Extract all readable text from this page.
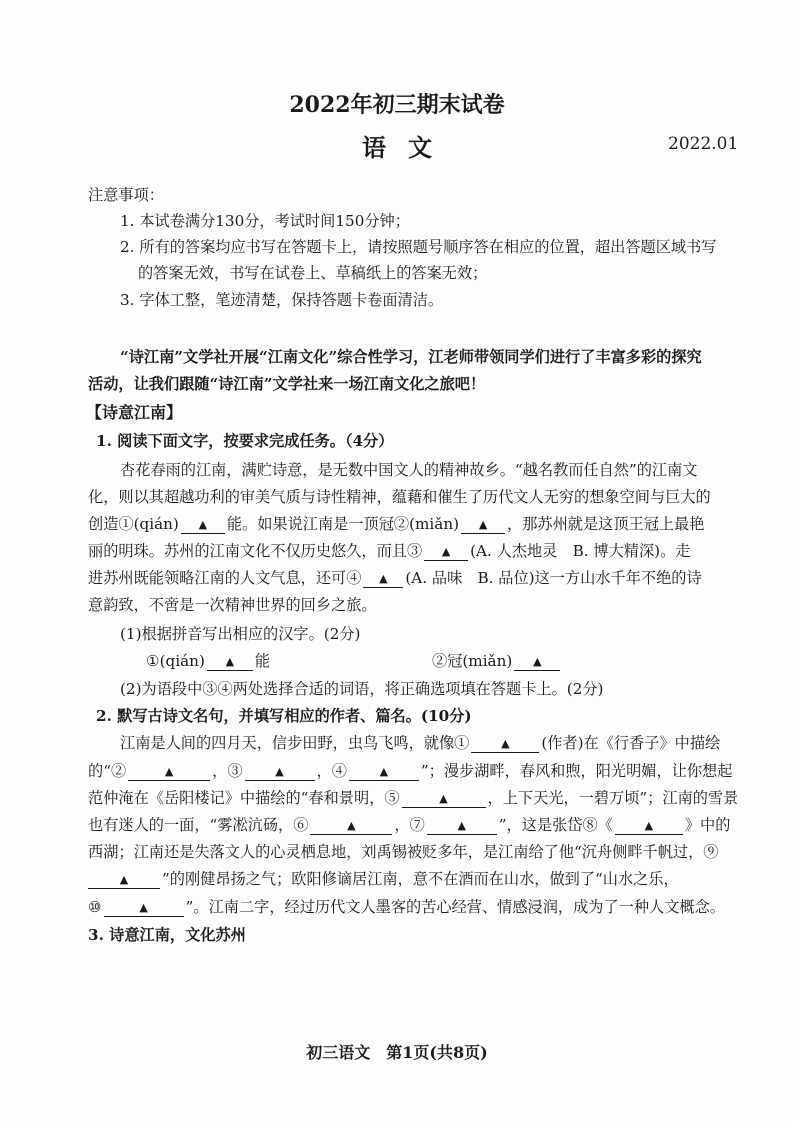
2022年初三期末试卷
语文	2022.01
注意事项：
1. 本试卷满分130分，考试时间150分钟；
2. 所有的答案均应书写在答题卡上，请按照题号顺序答在相应的位置，超出答题区域书写
的答案无效，书写在试卷上、草稿纸上的答案无效；
3. 字体工整，笔迹清楚，保持答题卡卷面清洁。
“诗江南”文学社开展“江南文化”综合性学习，江老师带领同学们进行了丰富多彩的探究
活动，让我们跟随“诗江南”文学社来一场江南文化之旅吧！
【诗意江南】
1. 阅读下面文字，按要求完成任务。（4分）
杏花春雨的江南，满贮诗意，是无数中国文人的精神故乡。“越名教而任自然”的江南文
化，则以其超越功利的审美气质与诗性精神，蕴藉和催生了历代文人无穷的想象空间与巨大的
创造①(qián) ▲ 能。如果说江南是一顶冠②(miǎn) ▲ ，那苏州就是这顶王冠上最艳
丽的明珠。苏州的江南文化不仅历史悠久，而且③ ▲ (A. 人杰地灵　B. 博大精深)。走
进苏州既能领略江南的人文气息，还可④ ▲ (A. 品味　B. 品位)这一方山水千年不绝的诗
意韵致，不啻是一次精神世界的回乡之旅。
(1)根据拼音写出相应的汉字。(2分)
①(qián) ▲ 能	②冠(miǎn) ▲
(2)为语段中③④两处选择合适的词语，将正确选项填在答题卡上。(2分)
2. 默写古诗文名句，并填写相应的作者、篇名。(10分)
江南是人间的四月天，信步田野，虫鸟飞鸣，就像①	▲ (作者)在《行香子》中描绘
的“②	▲	，③	▲ ，④	▲ ”；漫步湖畔，春风和煦，阳光明媚，让你想起
范仲淹在《岳阳楼记》中描绘的“春和景明，⑤	▲	，上下天光，一碧万顷”；江南的雪景
也有迷人的一面，“雾凇沆砀，⑥	▲	，⑦	▲ ”，这是张岱⑧《	▲ 》中的
西湖；江南还是失落文人的心灵栖息地，刘禹锡被贬多年，是江南给了他“沉舟侧畔千帆过，⑨
▲ ”的刚健昂扬之气；欧阳修谪居江南，意不在酒而在山水，做到了“山水之乐，
⑩	▲ ”。江南二字，经过历代文人墨客的苦心经营、情感浸润，成为了一种人文概念。
3. 诗意江南，文化苏州
初三语文　第1页(共8页)
